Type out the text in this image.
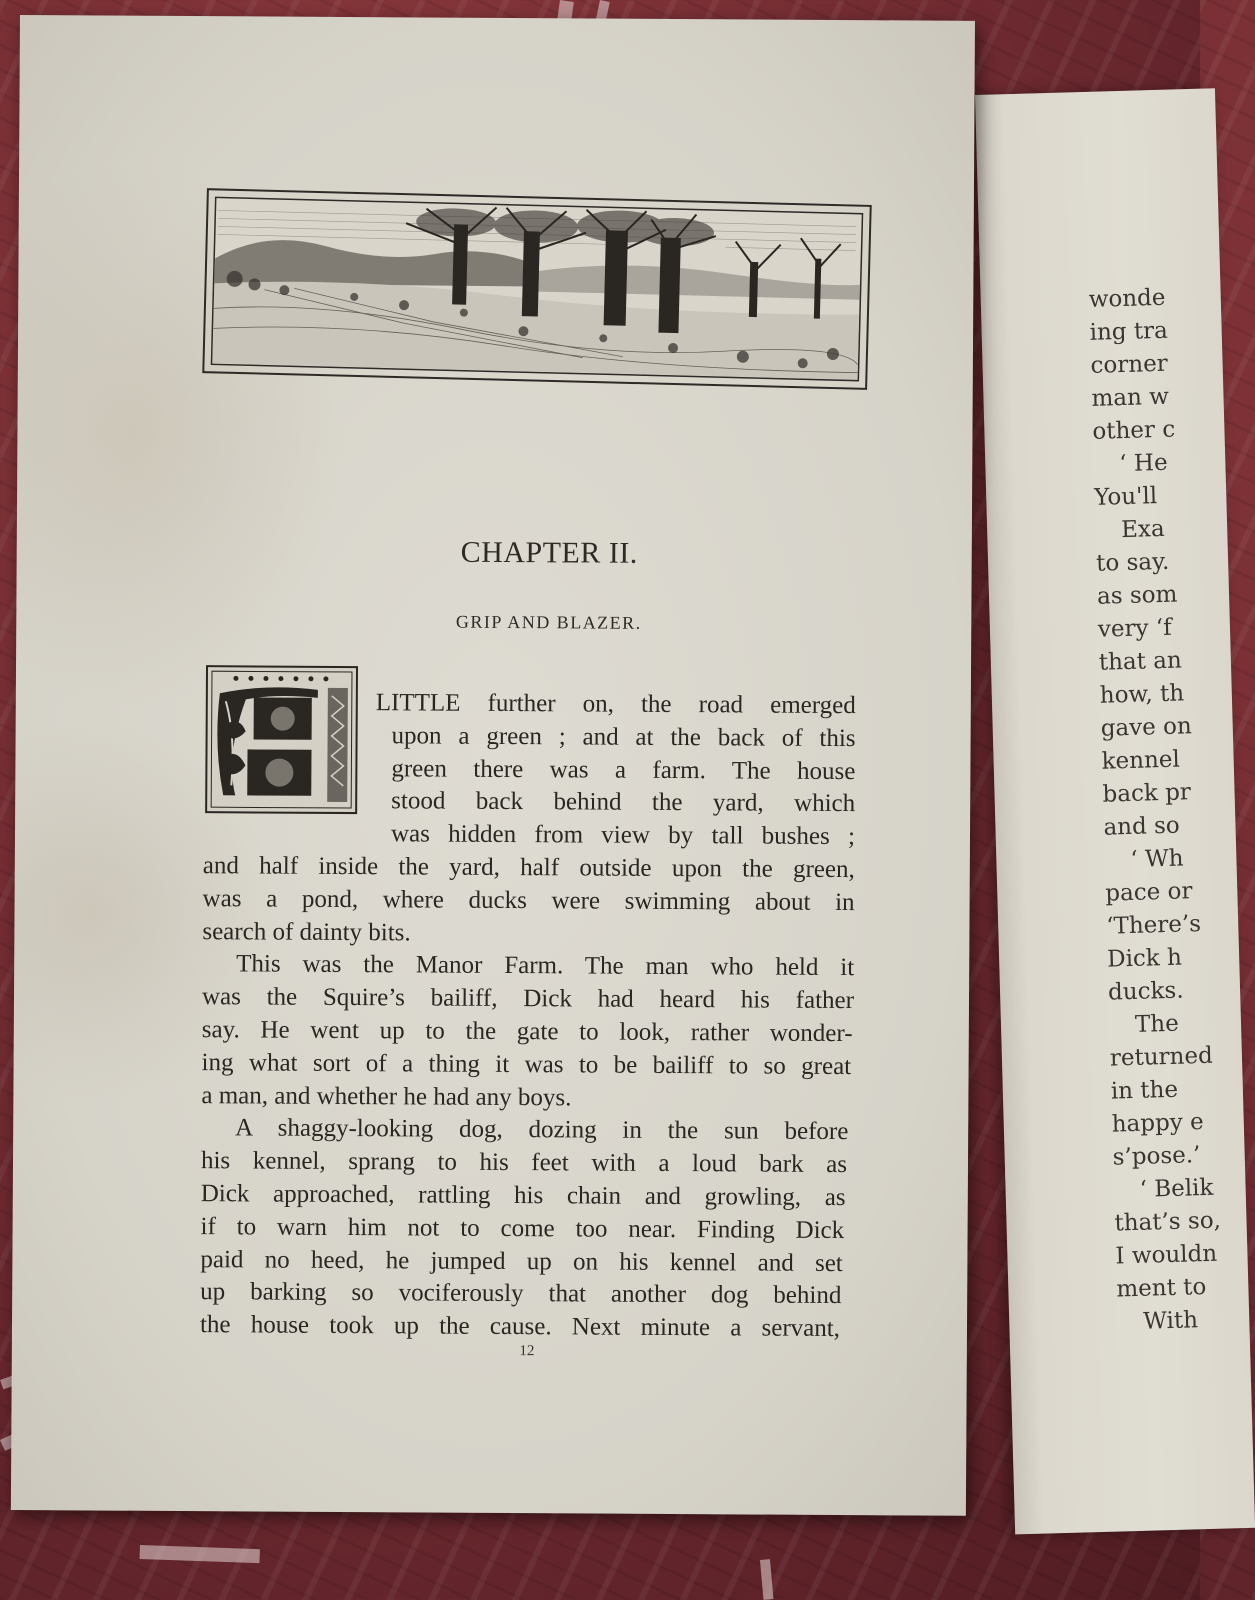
wonde
ing tra
corner
man w
other c
‘ He
You'll
Exa
to say.
as som
very ‘f
that an
how, th
gave on
kennel
back pr
and so
‘ Wh
pace or
‘There’s
Dick h
ducks.
The
returned
in the
happy e
s’pose.’
‘ Belik
that’s so,
I wouldn
ment to
With
CHAPTER II.
GRIP AND BLAZER.
A
LITTLE further on, the road emerged
upon a green ; and at the back of this
green there was a farm. The house
stood back behind the yard, which
was hidden from view by tall bushes ;
and half inside the yard, half outside upon the green,
was a pond, where ducks were swimming about in
search of dainty bits.
This was the Manor Farm. The man who held it
was the Squire’s bailiff, Dick had heard his father
say. He went up to the gate to look, rather wonder-
ing what sort of a thing it was to be bailiff to so great
a man, and whether he had any boys.
A shaggy-looking dog, dozing in the sun before
his kennel, sprang to his feet with a loud bark as
Dick approached, rattling his chain and growling, as
if to warn him not to come too near. Finding Dick
paid no heed, he jumped up on his kennel and set
up barking so vociferously that another dog behind
the house took up the cause. Next minute a servant,
12
